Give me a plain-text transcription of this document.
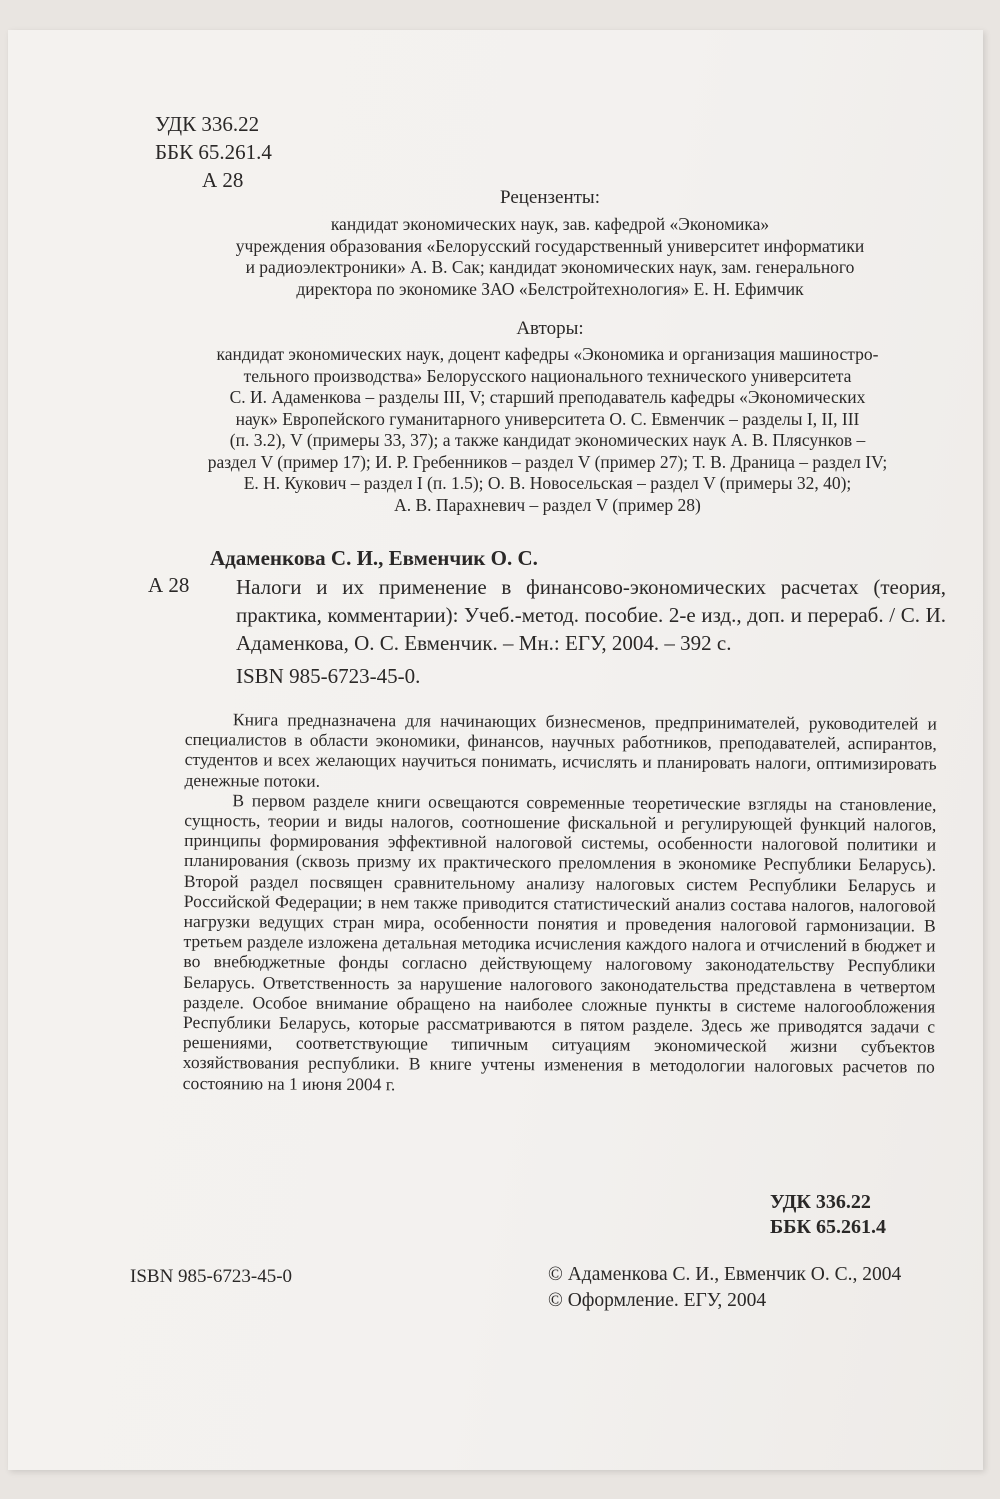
УДК 336.22
ББК 65.261.4
А 28
Рецензенты:
кандидат экономических наук, зав. кафедрой «Экономика»
учреждения образования «Белорусский государственный университет информатики
и радиоэлектроники» А. В. Сак; кандидат экономических наук, зам. генерального
директора по экономике ЗАО «Белстройтехнология» Е. Н. Ефимчик
Авторы:
кандидат экономических наук, доцент кафедры «Экономика и организация машиностро-
тельного производства» Белорусского национального технического университета
С. И. Адаменкова – разделы III, V; старший преподаватель кафедры «Экономических
наук» Европейского гуманитарного университета О. С. Евменчик – разделы I, II, III
(п. 3.2), V (примеры 33, 37); а также кандидат экономических наук А. В. Плясунков –
раздел V (пример 17); И. Р. Гребенников – раздел V (пример 27); Т. В. Драница – раздел IV;
Е. Н. Кукович – раздел I (п. 1.5); О. В. Новосельская – раздел V (примеры 32, 40);
А. В. Парахневич – раздел V (пример 28)
Адаменкова С. И., Евменчик О. С.
А 28 Налоги и их применение в финансово-экономических расчетах (теория, практика, комментарии): Учеб.-метод. пособие. 2-е изд., доп. и перераб. / С. И. Адаменкова, О. С. Евменчик. – Мн.: ЕГУ, 2004. – 392 с.
ISBN 985-6723-45-0.

Книга предназначена для начинающих бизнесменов, предпринимателей, руководителей и специалистов в области экономики, финансов, научных работников, преподавателей, аспирантов, студентов и всех желающих научиться понимать, исчислять и планировать налоги, оптимизировать денежные потоки.

В первом разделе книги освещаются современные теоретические взгляды на становление, сущность, теории и виды налогов, соотношение фискальной и регулирующей функций налогов, принципы формирования эффективной налоговой системы, особенности налоговой политики и планирования (сквозь призму их практического преломления в экономике Республики Беларусь). Второй раздел посвящен сравнительному анализу налоговых систем Республики Беларусь и Российской Федерации; в нем также приводится статистический анализ состава налогов, налоговой нагрузки ведущих стран мира, особенности понятия и проведения налоговой гармонизации. В третьем разделе изложена детальная методика исчисления каждого налога и отчислений в бюджет и во внебюджетные фонды согласно действующему налоговому законодательству Республики Беларусь. Ответственность за нарушение налогового законодательства представлена в четвертом разделе. Особое внимание обращено на наиболее сложные пункты в системе налогообложения Республики Беларусь, которые рассматриваются в пятом разделе. Здесь же приводятся задачи с решениями, соответствующие типичным ситуациям экономической жизни субъектов хозяйствования республики. В книге учтены изменения в методологии налоговых расчетов по состоянию на 1 июня 2004 г.

УДК 336.22
ББК 65.261.4
ISBN 985-6723-45-0	© Адаменкова С. И., Евменчик О. С., 2004
© Оформление. ЕГУ, 2004
